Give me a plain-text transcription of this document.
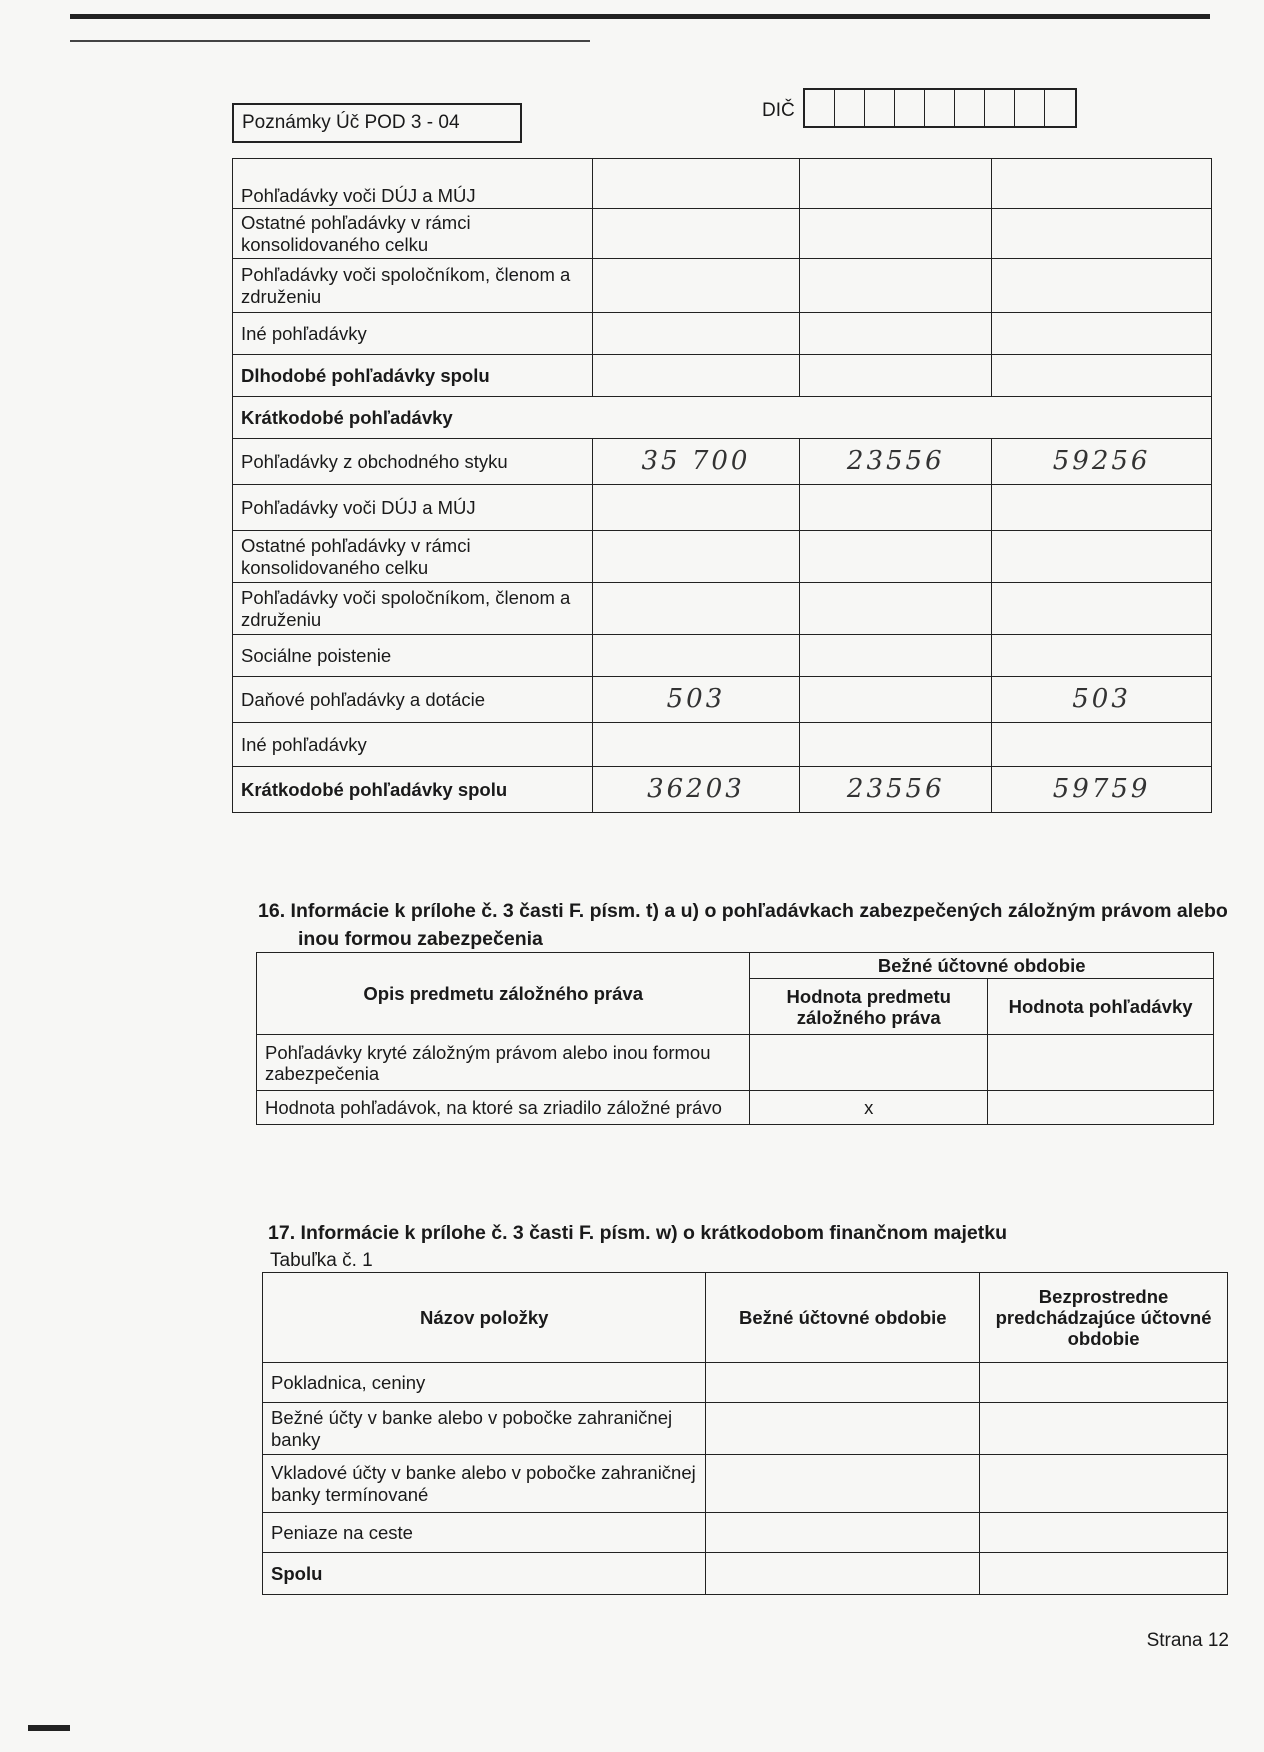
Poznámky Úč POD 3 - 04
DIČ
Pohľadávky voči DÚJ a MÚJ			
Ostatné pohľadávky v rámci konsolidovaného celku			
Pohľadávky voči spoločníkom, členom a združeniu			
Iné pohľadávky			
Dlhodobé pohľadávky spolu			
Krátkodobé pohľadávky			
Pohľadávky z obchodného styku	35 700	23556	59256
Pohľadávky voči DÚJ a MÚJ			
Ostatné pohľadávky v rámci konsolidovaného celku			
Pohľadávky voči spoločníkom, členom a združeniu			
Sociálne poistenie			
Daňové pohľadávky a dotácie	503		503
Iné pohľadávky			
Krátkodobé pohľadávky spolu	36203	23556	59759
16. Informácie k prílohe č. 3 časti F. písm. t) a u) o pohľadávkach zabezpečených záložným právom alebo
inou formou zabezpečenia
Opis predmetu záložného práva	Bežné účtovné obdobie	
	Hodnota predmetu záložného práva	Hodnota pohľadávky
Pohľadávky kryté záložným právom alebo inou formou zabezpečenia		
Hodnota pohľadávok, na ktoré sa zriadilo záložné právo	x	
17. Informácie k prílohe č. 3 časti F. písm. w) o krátkodobom finančnom majetku
Tabuľka č. 1
Názov položky	Bežné účtovné obdobie	Bezprostredne predchádzajúce účtovné obdobie
Pokladnica, ceniny		
Bežné účty v banke alebo v pobočke zahraničnej banky		
Vkladové účty v banke alebo v pobočke zahraničnej banky termínované		
Peniaze na ceste		
Spolu		
Strana 12
